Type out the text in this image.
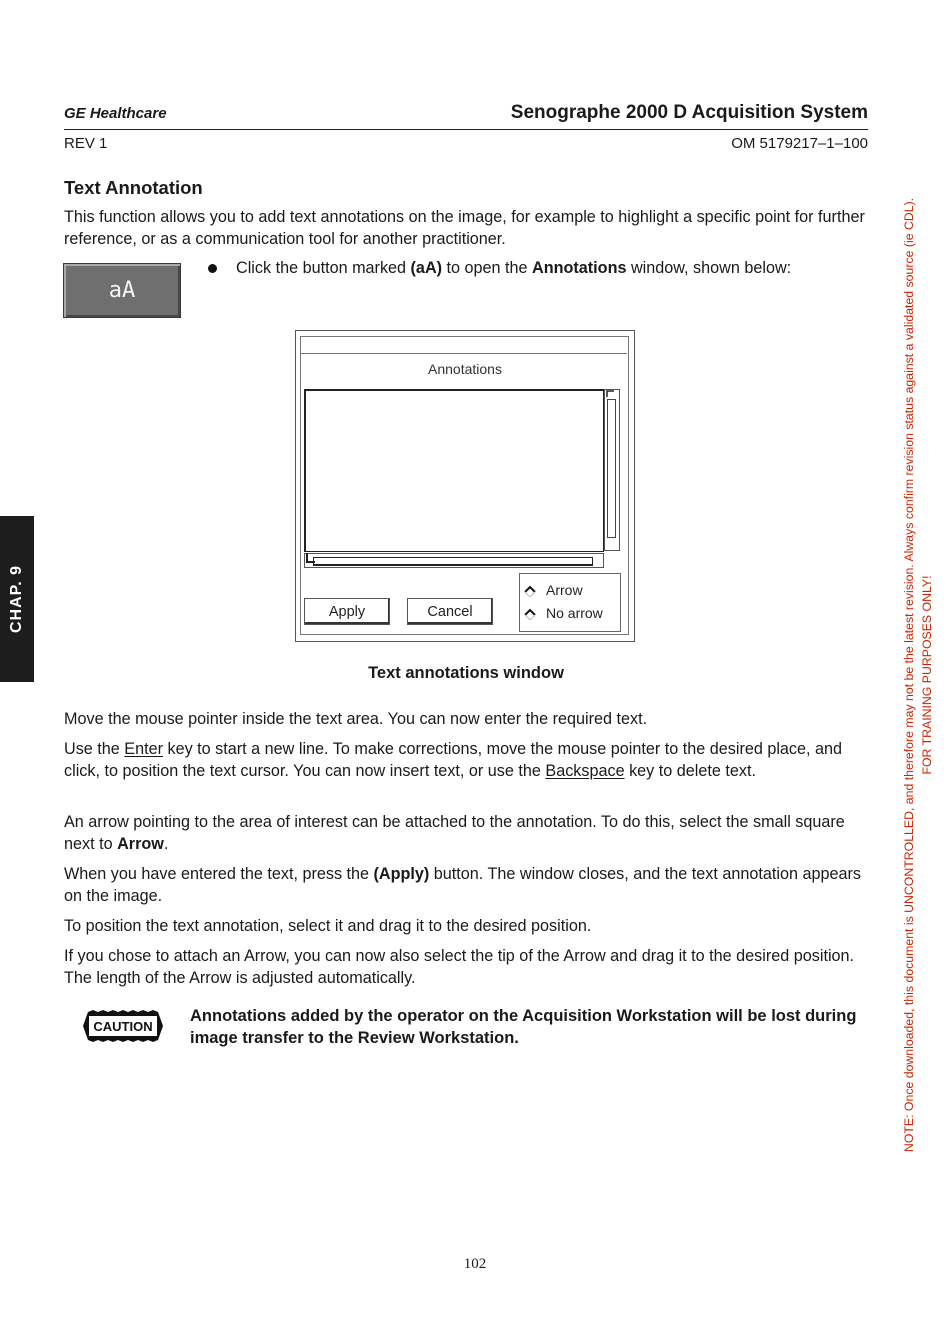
GE Healthcare	Senographe 2000 D Acquisition System
REV 1	OM 5179217–1–100
Text Annotation
This function allows you to add text annotations on the image, for example to highlight a specific point for further reference, or as a communication tool for another practitioner.
aA
Click the button marked (aA) to open the Annotations window, shown below:
Annotations
Apply	Cancel
Arrow
No arrow
Text annotations window
Move the mouse pointer inside the text area. You can now enter the required text.
Use the Enter key to start a new line. To make corrections, move the mouse pointer to the desired place, and click, to position the text cursor. You can now insert text, or use the Backspace key to delete text.
An arrow pointing to the area of interest can be attached to the annotation. To do this, select the small square next to Arrow.
When you have entered the text, press the (Apply) button. The window closes, and the text annotation appears on the image.
To position the text annotation, select it and drag it to the desired position.
If you chose to attach an Arrow, you can now also select the tip of the Arrow and drag it to the desired position. The length of the Arrow is adjusted automatically.
CAUTION
Annotations added by the operator on the Acquisition Workstation will be lost during image transfer to the Review Workstation.
102
CHAP. 9	NOTE: Once downloaded, this document is UNCONTROLLED, and therefore may not be the latest revision. Always confirm revision status against a validated source (ie CDL). FOR TRAINING PURPOSES ONLY!
